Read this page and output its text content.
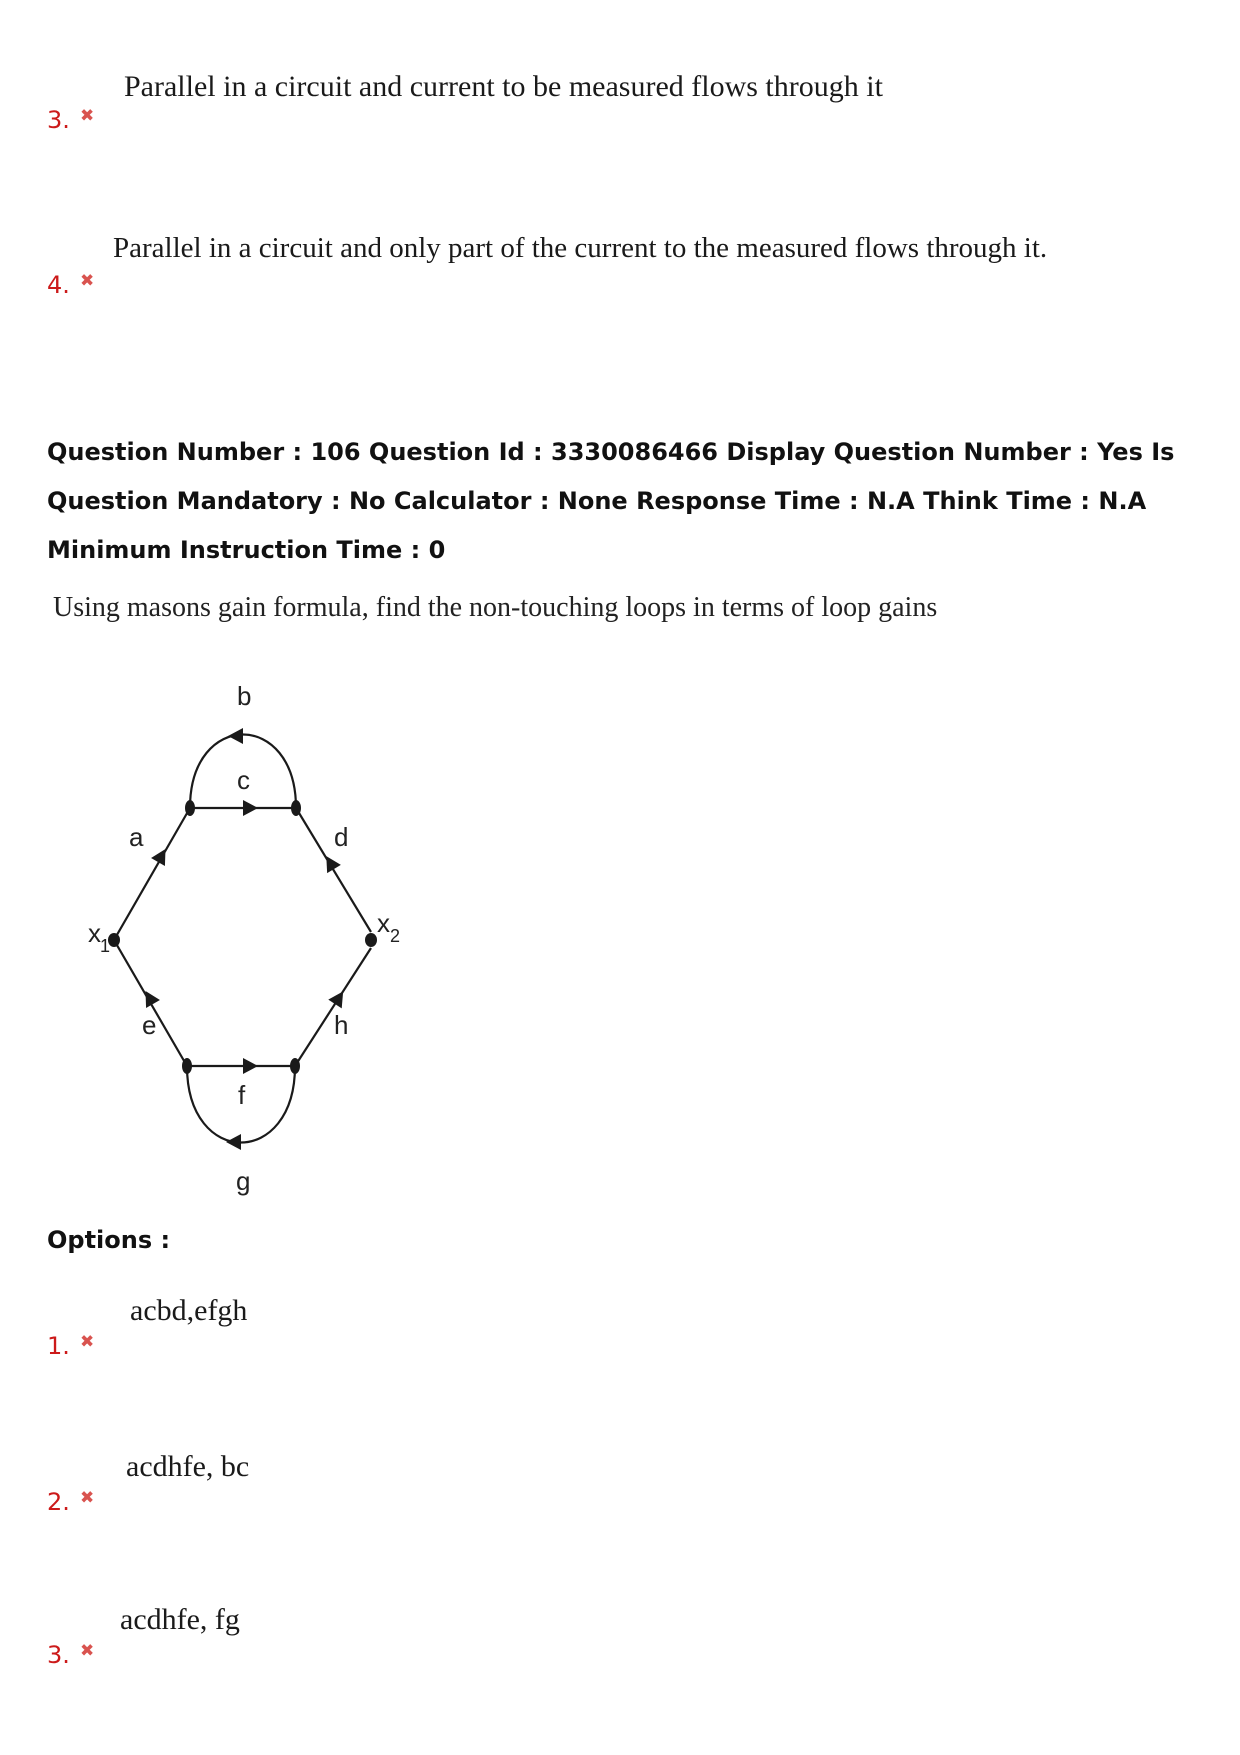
Parallel in a circuit and current to be measured flows through it
3. ✖
Parallel in a circuit and only part of the current to the measured flows through it.
4. ✖
Question Number : 106 Question Id : 3330086466 Display Question Number : Yes Is Question Mandatory : No Calculator : None Response Time : N.A Think Time : N.A Minimum Instruction Time : 0
Using masons gain formula, find the non-touching loops in terms of loop gains
b
c
a	d
e	h
f
g
x 1
x 2
Options :
acbd,efgh
1. ✖
acdhfe, bc
2. ✖
acdhfe, fg
3. ✖
